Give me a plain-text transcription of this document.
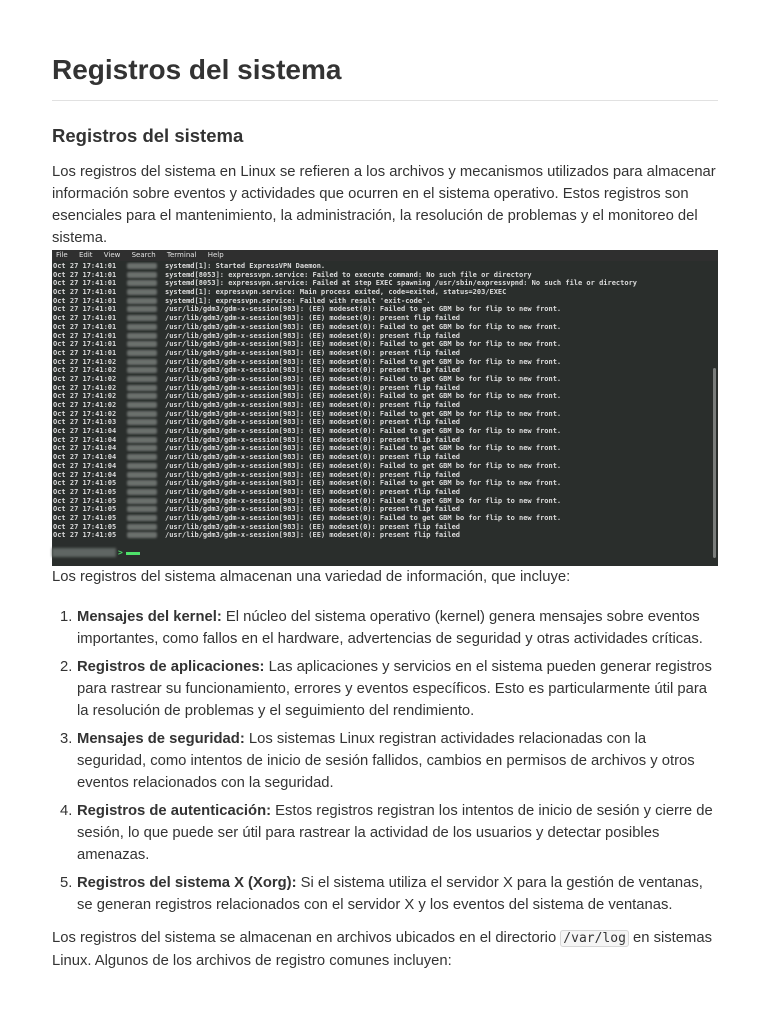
Registros del sistema
Registros del sistema

Los registros del sistema en Linux se refieren a los archivos y mecanismos utilizados para almacenar información sobre eventos y actividades que ocurren en el sistema operativo. Estos registros son esenciales para el mantenimiento, la administración, la resolución de problemas y el monitoreo del sistema.

File Edit View Search Terminal Help
Oct 27 17:41:01	systemd[1]: Started ExpressVPN Daemon.
Oct 27 17:41:01	systemd[8053]: expressvpn.service: Failed to execute command: No such file or directory
Oct 27 17:41:01	systemd[8053]: expressvpn.service: Failed at step EXEC spawning /usr/sbin/expressvpnd: No such file or directory
Oct 27 17:41:01	systemd[1]: expressvpn.service: Main process exited, code=exited, status=203/EXEC
Oct 27 17:41:01	systemd[1]: expressvpn.service: Failed with result 'exit-code'.
Oct 27 17:41:01	/usr/lib/gdm3/gdm-x-session[983]: (EE) modeset(0): Failed to get GBM bo for flip to new front.
Oct 27 17:41:01	/usr/lib/gdm3/gdm-x-session[983]: (EE) modeset(0): present flip failed
Oct 27 17:41:01	/usr/lib/gdm3/gdm-x-session[983]: (EE) modeset(0): Failed to get GBM bo for flip to new front.
Oct 27 17:41:01	/usr/lib/gdm3/gdm-x-session[983]: (EE) modeset(0): present flip failed
Oct 27 17:41:01	/usr/lib/gdm3/gdm-x-session[983]: (EE) modeset(0): Failed to get GBM bo for flip to new front.
Oct 27 17:41:01	/usr/lib/gdm3/gdm-x-session[983]: (EE) modeset(0): present flip failed
Oct 27 17:41:02	/usr/lib/gdm3/gdm-x-session[983]: (EE) modeset(0): Failed to get GBM bo for flip to new front.
Oct 27 17:41:02	/usr/lib/gdm3/gdm-x-session[983]: (EE) modeset(0): present flip failed
Oct 27 17:41:02	/usr/lib/gdm3/gdm-x-session[983]: (EE) modeset(0): Failed to get GBM bo for flip to new front.
Oct 27 17:41:02	/usr/lib/gdm3/gdm-x-session[983]: (EE) modeset(0): present flip failed
Oct 27 17:41:02	/usr/lib/gdm3/gdm-x-session[983]: (EE) modeset(0): Failed to get GBM bo for flip to new front.
Oct 27 17:41:02	/usr/lib/gdm3/gdm-x-session[983]: (EE) modeset(0): present flip failed
Oct 27 17:41:02	/usr/lib/gdm3/gdm-x-session[983]: (EE) modeset(0): Failed to get GBM bo for flip to new front.
Oct 27 17:41:03	/usr/lib/gdm3/gdm-x-session[983]: (EE) modeset(0): present flip failed
Oct 27 17:41:04	/usr/lib/gdm3/gdm-x-session[983]: (EE) modeset(0): Failed to get GBM bo for flip to new front.
Oct 27 17:41:04	/usr/lib/gdm3/gdm-x-session[983]: (EE) modeset(0): present flip failed
Oct 27 17:41:04	/usr/lib/gdm3/gdm-x-session[983]: (EE) modeset(0): Failed to get GBM bo for flip to new front.
Oct 27 17:41:04	/usr/lib/gdm3/gdm-x-session[983]: (EE) modeset(0): present flip failed
Oct 27 17:41:04	/usr/lib/gdm3/gdm-x-session[983]: (EE) modeset(0): Failed to get GBM bo for flip to new front.
Oct 27 17:41:04	/usr/lib/gdm3/gdm-x-session[983]: (EE) modeset(0): present flip failed
Oct 27 17:41:05	/usr/lib/gdm3/gdm-x-session[983]: (EE) modeset(0): Failed to get GBM bo for flip to new front.
Oct 27 17:41:05	/usr/lib/gdm3/gdm-x-session[983]: (EE) modeset(0): present flip failed
Oct 27 17:41:05	/usr/lib/gdm3/gdm-x-session[983]: (EE) modeset(0): Failed to get GBM bo for flip to new front.
Oct 27 17:41:05	/usr/lib/gdm3/gdm-x-session[983]: (EE) modeset(0): present flip failed
Oct 27 17:41:05	/usr/lib/gdm3/gdm-x-session[983]: (EE) modeset(0): Failed to get GBM bo for flip to new front.
Oct 27 17:41:05	/usr/lib/gdm3/gdm-x-session[983]: (EE) modeset(0): present flip failed
Oct 27 17:41:05	/usr/lib/gdm3/gdm-x-session[983]: (EE) modeset(0): present flip failed
>

Los registros del sistema almacenan una variedad de información, que incluye:

1. Mensajes del kernel: El núcleo del sistema operativo (kernel) genera mensajes sobre eventos importantes, como fallos en el hardware, advertencias de seguridad y otras actividades críticas.
2. Registros de aplicaciones: Las aplicaciones y servicios en el sistema pueden generar registros para rastrear su funcionamiento, errores y eventos específicos. Esto es particularmente útil para la resolución de problemas y el seguimiento del rendimiento.
3. Mensajes de seguridad: Los sistemas Linux registran actividades relacionadas con la seguridad, como intentos de inicio de sesión fallidos, cambios en permisos de archivos y otros eventos relacionados con la seguridad.
4. Registros de autenticación: Estos registros registran los intentos de inicio de sesión y cierre de sesión, lo que puede ser útil para rastrear la actividad de los usuarios y detectar posibles amenazas.
5. Registros del sistema X (Xorg): Si el sistema utiliza el servidor X para la gestión de ventanas, se generan registros relacionados con el servidor X y los eventos del sistema de ventanas.

Los registros del sistema se almacenan en archivos ubicados en el directorio /var/log en sistemas Linux. Algunos de los archivos de registro comunes incluyen:
